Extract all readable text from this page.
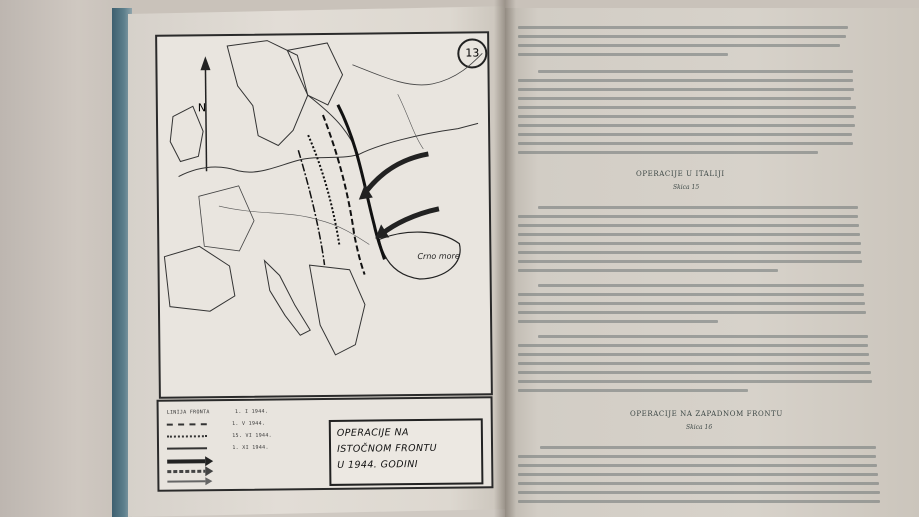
13
N
Crno more
LINIJA FRONTA	1. I 1944.
1. V 1944.
15. VI 1944.
1. XI 1944.
OPERACIJE NA
ISTOČNOM FRONTU
U 1944. GODINI
OPERACIJE U ITALIJI
Skica 15
OPERACIJE NA ZAPADNOM FRONTU
Skica 16
